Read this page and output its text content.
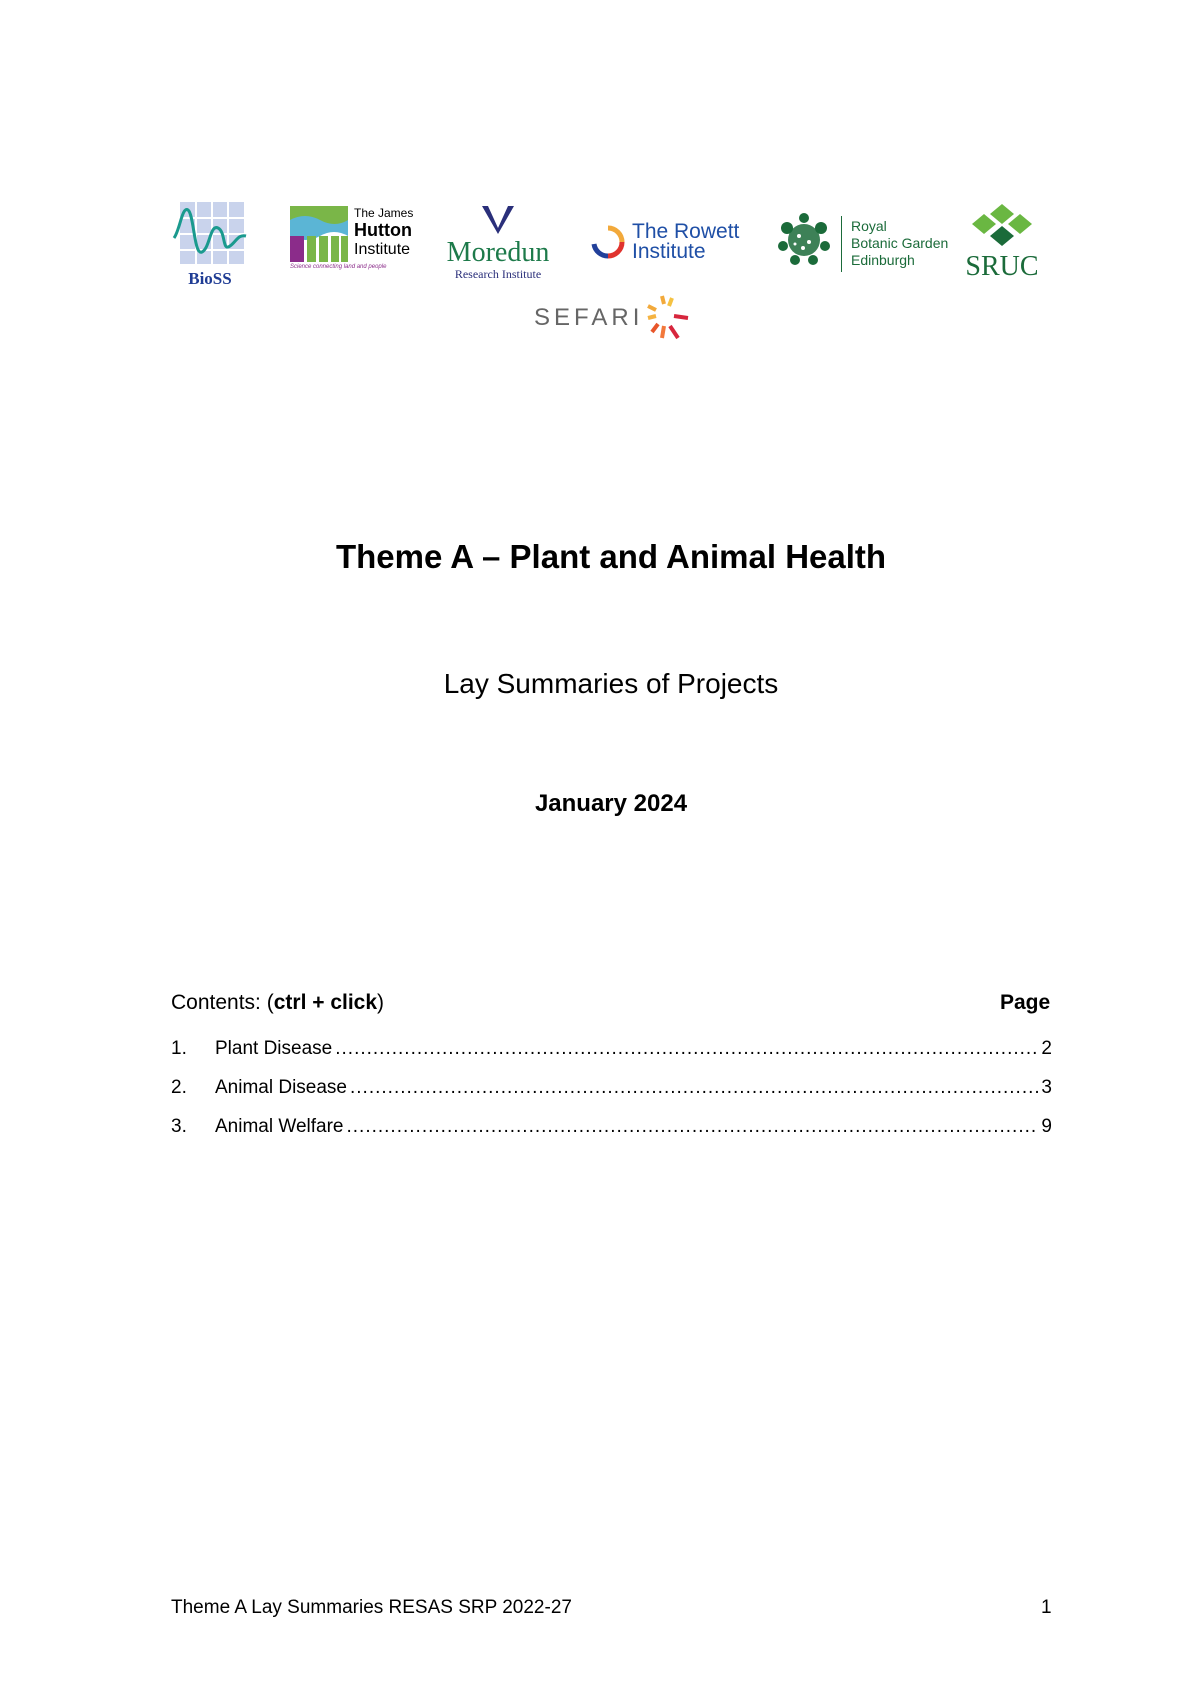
BioSS
The James
Hutton
Institute
Science connecting land and people Moredun
Research Institute
The Rowett
Institute
Royal
Botanic Garden
Edinburgh SRUC
SEFARI
Theme A – Plant and Animal Health
Lay Summaries of Projects
January 2024
Contents: (ctrl + click)	Page
1.	Plant Disease .....	2
2.	Animal Disease .....	3
3.	Animal Welfare .....	9
Theme A Lay Summaries RESAS SRP 2022-27	1
